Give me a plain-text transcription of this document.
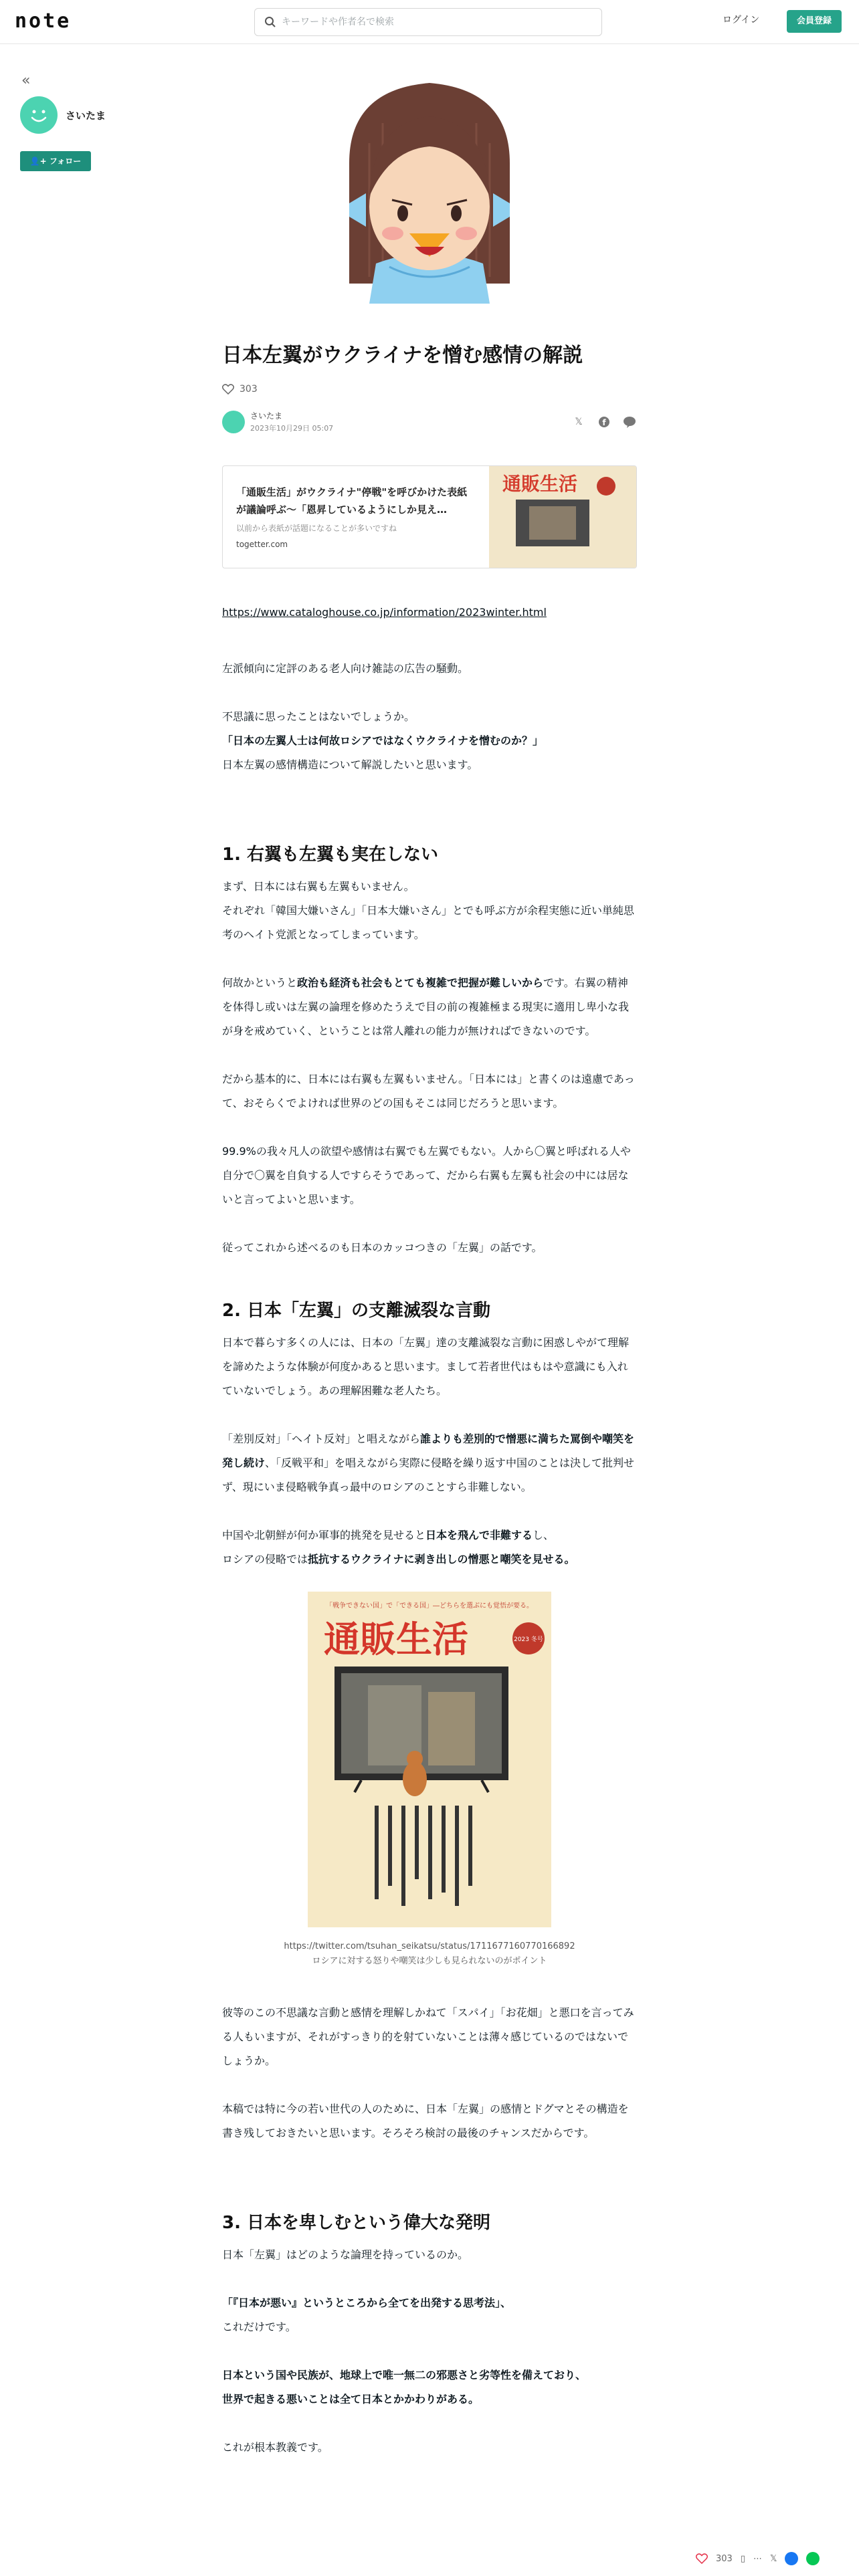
note
キーワードや作者名で検索	ログイン	会員登録
«
さいたま
👤+ フォロー
日本左翼がウクライナを憎む感情の解説
303
さいたま
2023年10月29日 05:07
𝕏	f
「通販生活」がウクライナ"停戦"を呼びかけた表紙が議論呼ぶ～「恩昇しているようにしか見え…
以前から表紙が話題になることが多いですね
togetter.com
通販生活
https://www.cataloghouse.co.jp/information/2023winter.html
左派傾向に定評のある老人向け雑誌の広告の騒動。
不思議に思ったことはないでしょうか。
「日本の左翼人士は何故ロシアではなくウクライナを憎むのか？」
日本左翼の感情構造について解説したいと思います。
1. 右翼も左翼も実在しない
まず、日本には右翼も左翼もいません。
それぞれ「韓国大嫌いさん」「日本大嫌いさん」とでも呼ぶ方が余程実態に近い単純思考のヘイト党派となってしまっています。
何故かというと政治も経済も社会もとても複雑で把握が難しいからです。右翼の精神を体得し或いは左翼の論理を修めたうえで目の前の複雑極まる現実に適用し卑小な我が身を戒めていく、ということは常人離れの能力が無ければできないのです。
だから基本的に、日本には右翼も左翼もいません。「日本には」と書くのは遠慮であって、おそらくでよければ世界のどの国もそこは同じだろうと思います。
99.9%の我々凡人の欲望や感情は右翼でも左翼でもない。人から〇翼と呼ばれる人や自分で〇翼を自負する人ですらそうであって、だから右翼も左翼も社会の中には居ないと言ってよいと思います。
従ってこれから述べるのも日本のカッコつきの「左翼」の話です。
2. 日本「左翼」の支離滅裂な言動
日本で暮らす多くの人には、日本の「左翼」達の支離滅裂な言動に困惑しやがて理解を諦めたような体験が何度かあると思います。まして若者世代はもはや意識にも入れていないでしょう。あの理解困難な老人たち。
「差別反対」「ヘイト反対」と唱えながら誰よりも差別的で憎悪に満ちた罵倒や嘲笑を発し続け、「反戦平和」を唱えながら実際に侵略を繰り返す中国のことは決して批判せず、現にいま侵略戦争真っ最中のロシアのことすら非難しない。
中国や北朝鮮が何か軍事的挑発を見せると日本を飛んで非難するし、
ロシアの侵略では抵抗するウクライナに剥き出しの憎悪と嘲笑を見せる。
「戦争できない国」で「できる国」―どちらを選ぶにも覚悟が要る。
通販生活	2023 冬号
https://twitter.com/tsuhan_seikatsu/status/1711677160770166892
ロシアに対する怒りや嘲笑は少しも見られないのがポイント
彼等のこの不思議な言動と感情を理解しかねて「スパイ」「お花畑」と悪口を言ってみる人もいますが、それがすっきり的を射ていないことは薄々感じているのではないでしょうか。
本稿では特に今の若い世代の人のために、日本「左翼」の感情とドグマとその構造を書き残しておきたいと思います。そろそろ検討の最後のチャンスだからです。
3. 日本を卑しむという偉大な発明
日本「左翼」はどのような論理を持っているのか。
「『日本が悪い』というところから全てを出発する思考法」、
これだけです。
日本という国や民族が、地球上で唯一無二の邪悪さと劣等性を備えており、
世界で起きる悪いことは全て日本とかかわりがある。
これが根本教義です。
303 ▯ ⋯ 𝕏
